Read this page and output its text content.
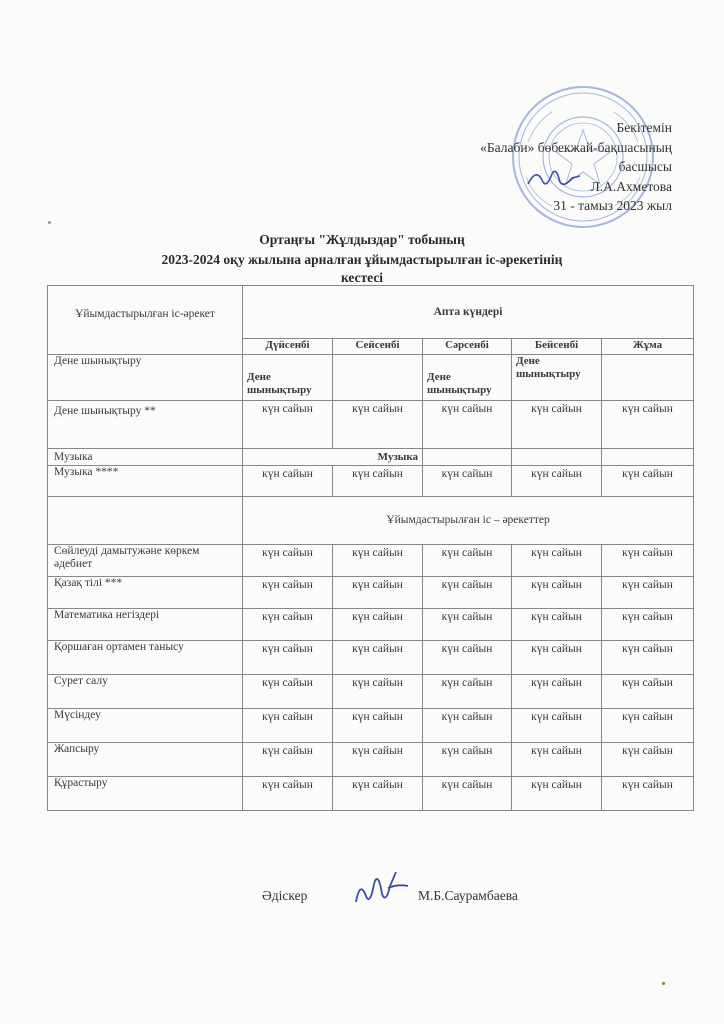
Бекітемін
«Балаби» бөбекжай-бақшасының
басшысы
Л.А.Ахметова
31 - тамыз 2023 жыл
Ортаңғы "Жұлдыздар" тобының
2023-2024 оқу жылына арналған ұйымдастырылған іс-әрекетінің
кестесі
Ұйымдастырылған іс-әрекет	Апта күндері				
	Дүйсенбі	Сейсенбі	Сәрсенбі	Бейсенбі	Жұма
Дене шынықтыру	Дене шынықтыру		Дене шынықтыру	Дене шынықтыру	
Дене шынықтыру **	күн сайын	күн сайын	күн сайын	күн сайын	күн сайын
Музыка	Музыка				
Музыка ****	күн сайын	күн сайын	күн сайын	күн сайын	күн сайын
	Ұйымдастырылған іс – әрекеттер				
Сөйлеуді дамытужәне көркем әдебиет	күн сайын	күн сайын	күн сайын	күн сайын	күн сайын
Қазақ тілі ***	күн сайын	күн сайын	күн сайын	күн сайын	күн сайын
Математика негіздері	күн сайын	күн сайын	күн сайын	күн сайын	күн сайын
Қоршаған ортамен танысу	күн сайын	күн сайын	күн сайын	күн сайын	күн сайын
Сурет салу	күн сайын	күн сайын	күн сайын	күн сайын	күн сайын
Мүсіндеу	күн сайын	күн сайын	күн сайын	күн сайын	күн сайын
Жапсыру	күн сайын	күн сайын	күн сайын	күн сайын	күн сайын
Құрастыру	күн сайын	күн сайын	күн сайын	күн сайын	күн сайын
Әдіскер	М.Б.Саурамбаева
